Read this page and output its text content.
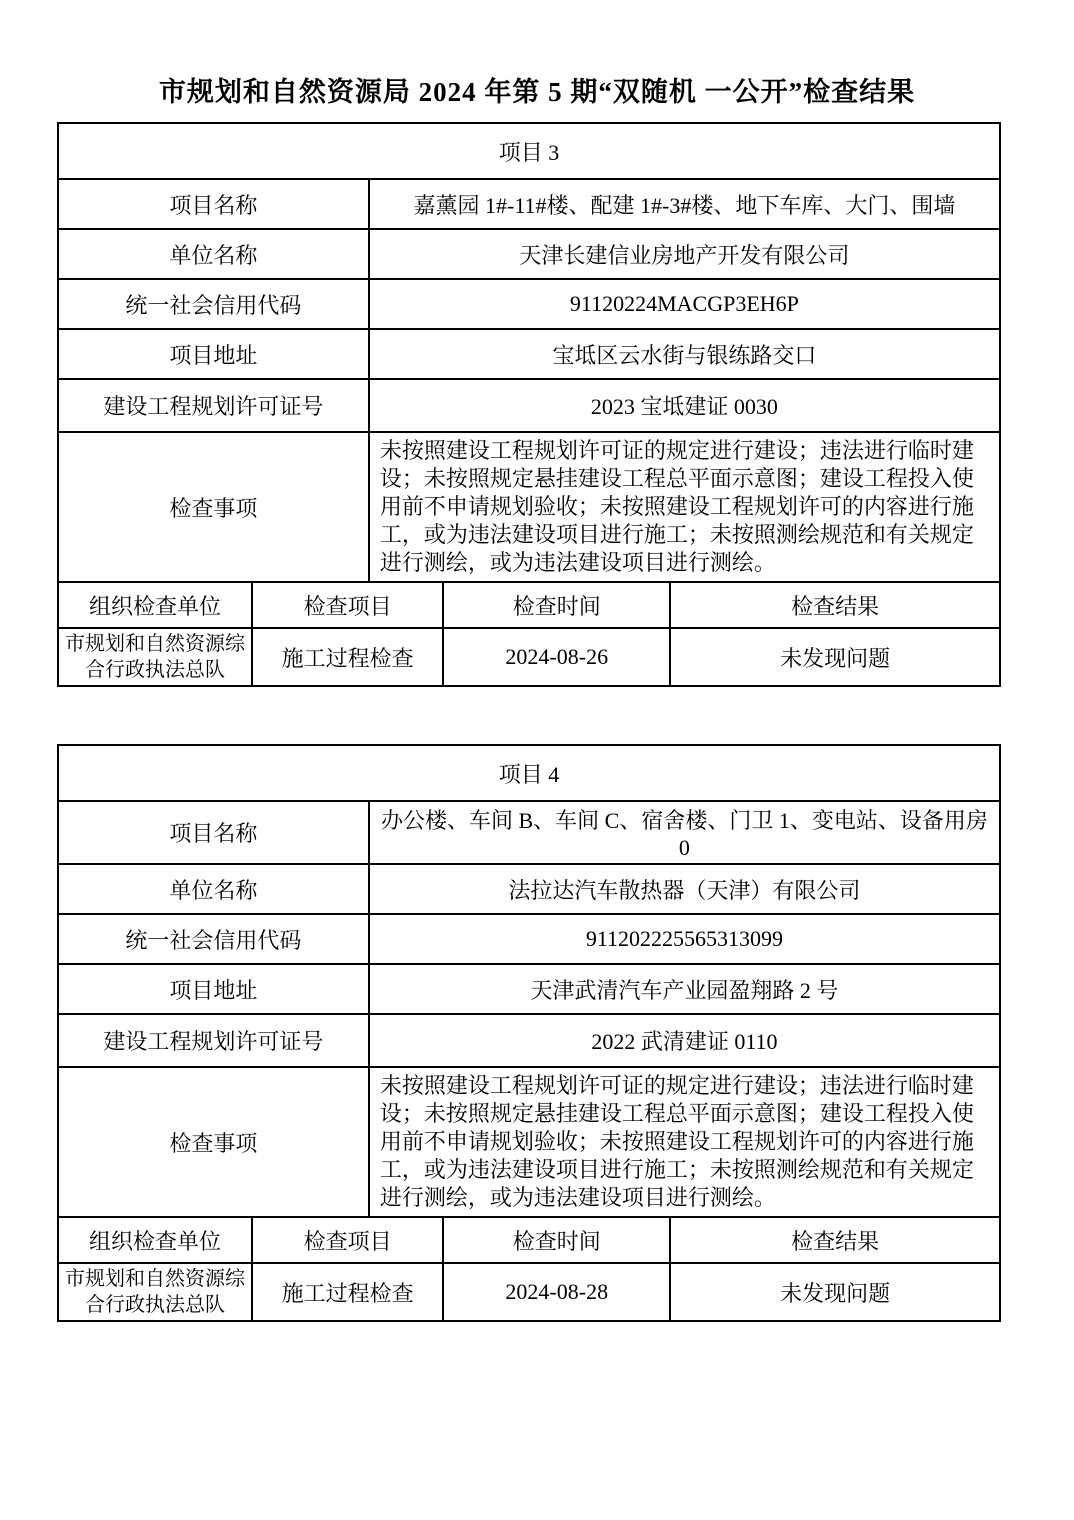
市规划和自然资源局 2024 年第 5 期“双随机 一公开”检查结果
项目 3				
项目名称		嘉薰园 1#-11#楼、配建 1#-3#楼、地下车库、大门、围墙		
单位名称		天津长建信业房地产开发有限公司		
统一社会信用代码		91120224MACGP3EH6P		
项目地址		宝坻区云水街与银练路交口		
建设工程规划许可证号		2023 宝坻建证 0030		
检查事项		未按照建设工程规划许可证的规定进行建设；违法进行临时建设；未按照规定悬挂建设工程总平面示意图；建设工程投入使用前不申请规划验收；未按照建设工程规划许可的内容进行施工，或为违法建设项目进行施工；未按照测绘规范和有关规定进行测绘，或为违法建设项目进行测绘。		
组织检查单位	检查项目		检查时间	检查结果
市规划和自然资源综合行政执法总队	施工过程检查		2024-08-26	未发现问题
项目 4				
项目名称		办公楼、车间 B、车间 C、宿舍楼、门卫 1、变电站、设备用房 0		
单位名称		法拉达汽车散热器（天津）有限公司		
统一社会信用代码		911202225565313099		
项目地址		天津武清汽车产业园盈翔路 2 号		
建设工程规划许可证号		2022 武清建证 0110		
检查事项		未按照建设工程规划许可证的规定进行建设；违法进行临时建设；未按照规定悬挂建设工程总平面示意图；建设工程投入使用前不申请规划验收；未按照建设工程规划许可的内容进行施工，或为违法建设项目进行施工；未按照测绘规范和有关规定进行测绘，或为违法建设项目进行测绘。		
组织检查单位	检查项目		检查时间	检查结果
市规划和自然资源综合行政执法总队	施工过程检查		2024-08-28	未发现问题
